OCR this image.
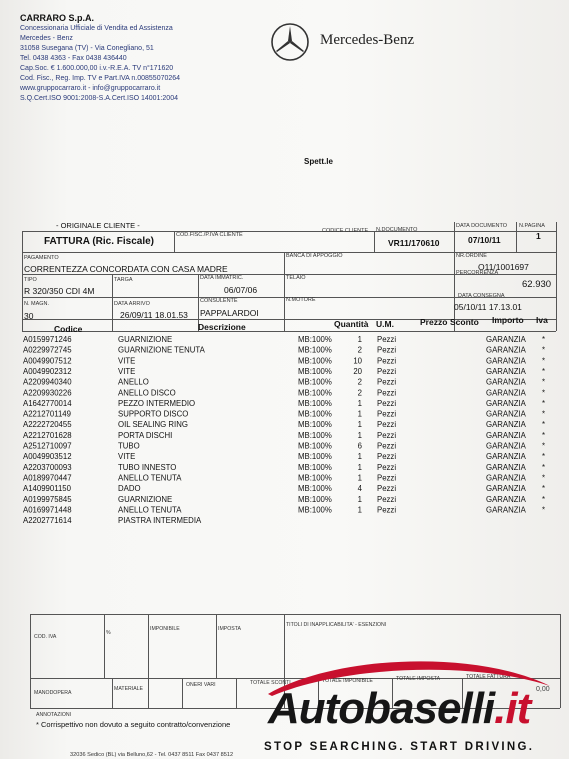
CARRARO S.p.A.
Concessionaria Ufficiale di Vendita ed Assistenza
Mercedes - Benz
31058 Susegana (TV) - Via Conegliano, 51
Tel. 0438 4363 - Fax 0438 436440
Cap.Soc. € 1.600.000,00 i.v.-R.E.A. TV n°171620
Cod. Fisc., Reg. Imp. TV e Part.IVA n.00855070264
www.gruppocarraro.it - info@gruppocarraro.it
S.Q.Cert.ISO 9001:2008-S.A.Cert.ISO 14001:2004
Mercedes-Benz
Spett.le
- ORIGINALE CLIENTE -
FATTURA (Ric. Fiscale)
COD.FISC./P.IVA CLIENTE
CODICE CLIENTE N.DOCUMENTO
VR11/170610
DATA DOCUMENTO
07/10/11
N.PAGINA
1
PAGAMENTO
CORRENTEZZA CONCORDATA CON CASA MADRE
BANCA DI APPOGGIO	NR.ORDINE
O11/1001697
TIPO
R 320/350 CDI 4M
TARGA	DATA IMMATRIC.
06/07/06
TELAIO
PERCORRENZA
62.930
N. MAGN.
30
DATA ARRIVO
26/09/11 18.01.53
CONSULENTE
PAPPALARDOI
N.MOTORE
DATA CONSEGNA
05/10/11 17.13.01
Codice	Descrizione	Quantità U.M.	Prezzo Sconto Importo Iva
A0159971246	GUARNIZIONE	MB:100%	1 Pezzi	GARANZIA *
A0229972745	GUARNIZIONE TENUTA	MB:100%	2 Pezzi	GARANZIA *
A0049907512	VITE	MB:100%	10 Pezzi	GARANZIA *
A0049902312	VITE	MB:100%	20 Pezzi	GARANZIA *
A2209940340	ANELLO	MB:100%	2 Pezzi	GARANZIA *
A2209930226	ANELLO DISCO	MB:100%	2 Pezzi	GARANZIA *
A1642770014	PEZZO INTERMEDIO	MB:100%	1 Pezzi	GARANZIA *
A2212701149	SUPPORTO DISCO	MB:100%	1 Pezzi	GARANZIA *
A2222720455	OIL SEALING RING	MB:100%	1 Pezzi	GARANZIA *
A2212701628	PORTA DISCHI	MB:100%	1 Pezzi	GARANZIA *
A2512710097	TUBO	MB:100%	6 Pezzi	GARANZIA *
A0049903512	VITE	MB:100%	1 Pezzi	GARANZIA *
A2203700093	TUBO INNESTO	MB:100%	1 Pezzi	GARANZIA *
A0189970447	ANELLO TENUTA	MB:100%	1 Pezzi	GARANZIA *
A1409901150	DADO	MB:100%	4 Pezzi	GARANZIA *
A0199975845	GUARNIZIONE	MB:100%	1 Pezzi	GARANZIA *
A0169971448	ANELLO TENUTA	MB:100%	1 Pezzi	GARANZIA *
A2202771614	PIASTRA INTERMEDIA
COD. IVA
%
IMPONIBILE	IMPOSTA
TITOLI DI INAPPLICABILITA' - ESENZIONI
MANODOPERA
MATERIALE
ONERI VARI	TOTALE SCONTI	TOTALE IMPONIBILE	TOTALE IMPOSTA	TOTALE FATTURA
0,00
ANNOTAZIONI
* Corrispettivo non dovuto a seguito contratto/convenzione
32036 Sedico (BL) via Belluno,62 - Tel. 0437 8511 Fax 0437 8512
Autobaselli.it
STOP SEARCHING. START DRIVING.
